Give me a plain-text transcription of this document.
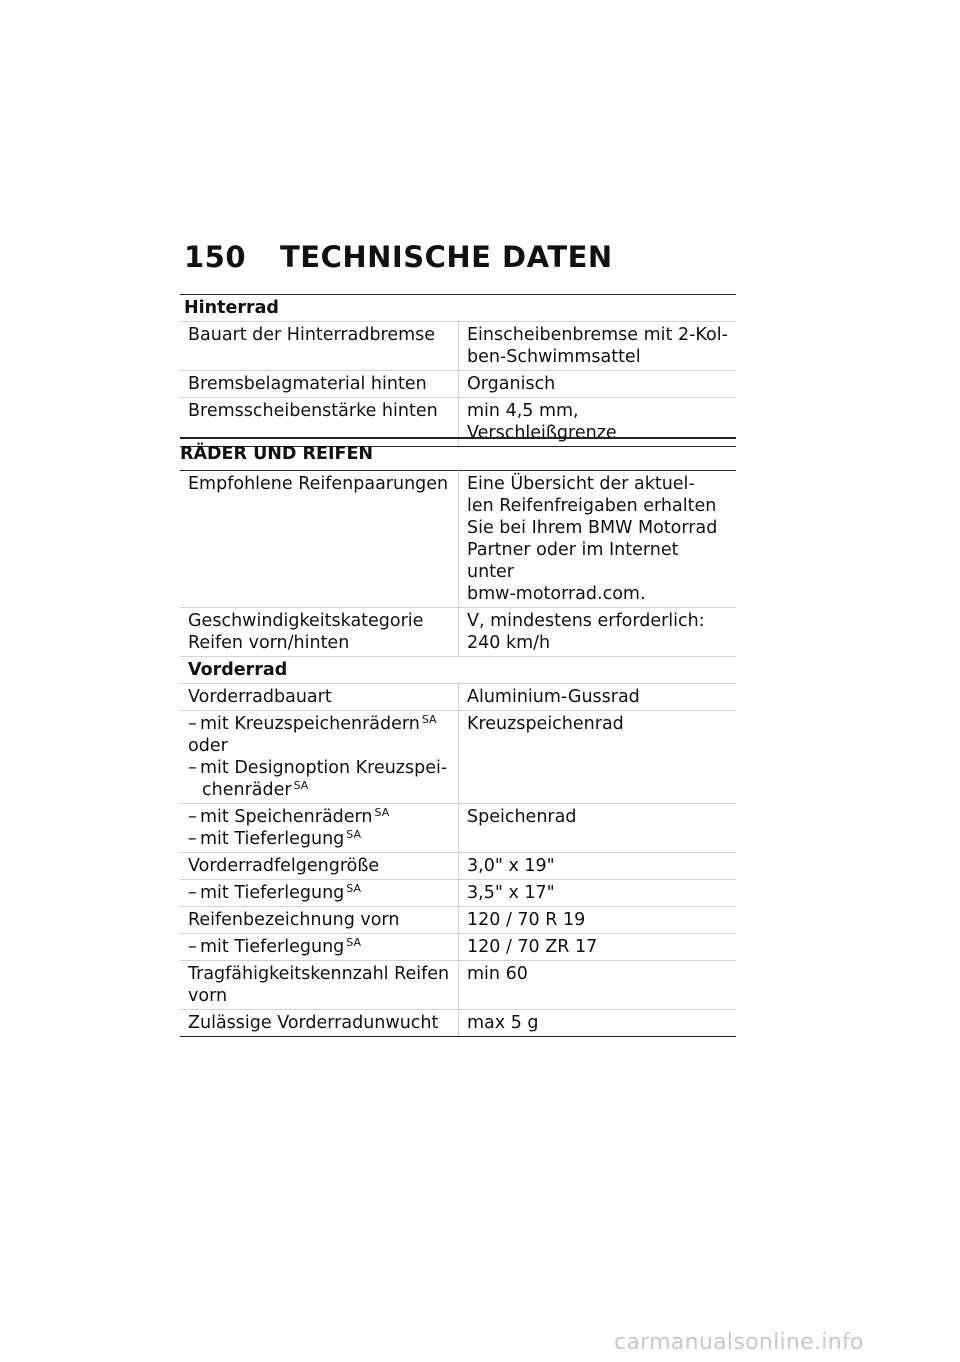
150	TECHNISCHE DATEN
Hinterrad	
Bauart der Hinterradbremse	Einscheibenbremse mit 2-Kol-
ben-Schwimmsattel

Bremsbelagmaterial hinten	Organisch
Bremsscheibenstärke hinten	min 4,5 mm, Verschleißgrenze
RÄDER UND REIFEN
Empfohlene Reifenpaarungen	Eine Übersicht der aktuel-
len Reifenfreigaben erhalten
Sie bei Ihrem BMW Motorrad
Partner oder im Internet unter
bmw-motorrad.com.

Geschwindigkeitskategorie
Reifen vorn/hinten	V, mindestens erforderlich:
240 km/h

Vorderrad	
Vorderradbauart	Aluminium-Gussrad

– mit Kreuzspeichenrädern $^{SA}$
oder
– mit Designoption Kreuzspei-
chenräder $^{SA}$	Kreuzspeichenrad

– mit Speichenrädern $^{SA}$
– mit Tieferlegung $^{SA}$	Speichenrad
Vorderradfelgengröße	3,0" x 19"

– mit Tieferlegung $^{SA}$	3,5" x 17"
Reifenbezeichnung vorn	120 / 70 R 19

– mit Tieferlegung $^{SA}$	120 / 70 ZR 17

Tragfähigkeitskennzahl Reifen
vorn	min 60
Zulässige Vorderradunwucht	max 5 g
carmanualsonline.info
